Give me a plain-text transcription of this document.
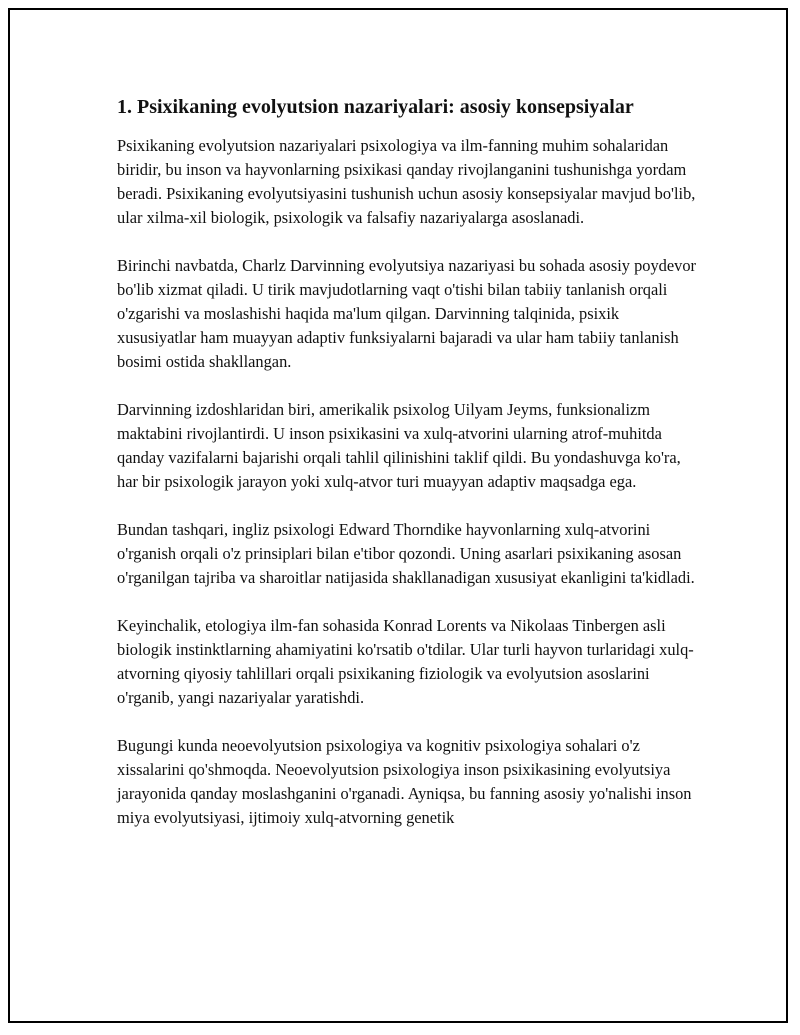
1. Psixikaning evolyutsion nazariyalari: asosiy konsepsiyalar

Psixikaning evolyutsion nazariyalari psixologiya va ilm-fanning muhim sohalaridan biridir, bu inson va hayvonlarning psixikasi qanday rivojlanganini tushunishga yordam beradi. Psixikaning evolyutsiyasini tushunish uchun asosiy konsepsiyalar mavjud bo'lib, ular xilma-xil biologik, psixologik va falsafiy nazariyalarga asoslanadi.

Birinchi navbatda, Charlz Darvinning evolyutsiya nazariyasi bu sohada asosiy poydevor bo'lib xizmat qiladi. U tirik mavjudotlarning vaqt o'tishi bilan tabiiy tanlanish orqali o'zgarishi va moslashishi haqida ma'lum qilgan. Darvinning talqinida, psixik xususiyatlar ham muayyan adaptiv funksiyalarni bajaradi va ular ham tabiiy tanlanish bosimi ostida shakllangan.

Darvinning izdoshlaridan biri, amerikalik psixolog Uilyam Jeyms, funksionalizm maktabini rivojlantirdi. U inson psixikasini va xulq-atvorini ularning atrof-muhitda qanday vazifalarni bajarishi orqali tahlil qilinishini taklif qildi. Bu yondashuvga ko'ra, har bir psixologik jarayon yoki xulq-atvor turi muayyan adaptiv maqsadga ega.

Bundan tashqari, ingliz psixologi Edward Thorndike hayvonlarning xulq-atvorini o'rganish orqali o'z prinsiplari bilan e'tibor qozondi. Uning asarlari psixikaning asosan o'rganilgan tajriba va sharoitlar natijasida shakllanadigan xususiyat ekanligini ta'kidladi.

Keyinchalik, etologiya ilm-fan sohasida Konrad Lorents va Nikolaas Tinbergen asli biologik instinktlarning ahamiyatini ko'rsatib o'tdilar. Ular turli hayvon turlaridagi xulq-atvorning qiyosiy tahlillari orqali psixikaning fiziologik va evolyutsion asoslarini o'rganib, yangi nazariyalar yaratishdi.

Bugungi kunda neoevolyutsion psixologiya va kognitiv psixologiya sohalari o'z xissalarini qo'shmoqda. Neoevolyutsion psixologiya inson psixikasining evolyutsiya jarayonida qanday moslashganini o'rganadi. Ayniqsa, bu fanning asosiy yo'nalishi inson miya evolyutsiyasi, ijtimoiy xulq-atvorning genetik
